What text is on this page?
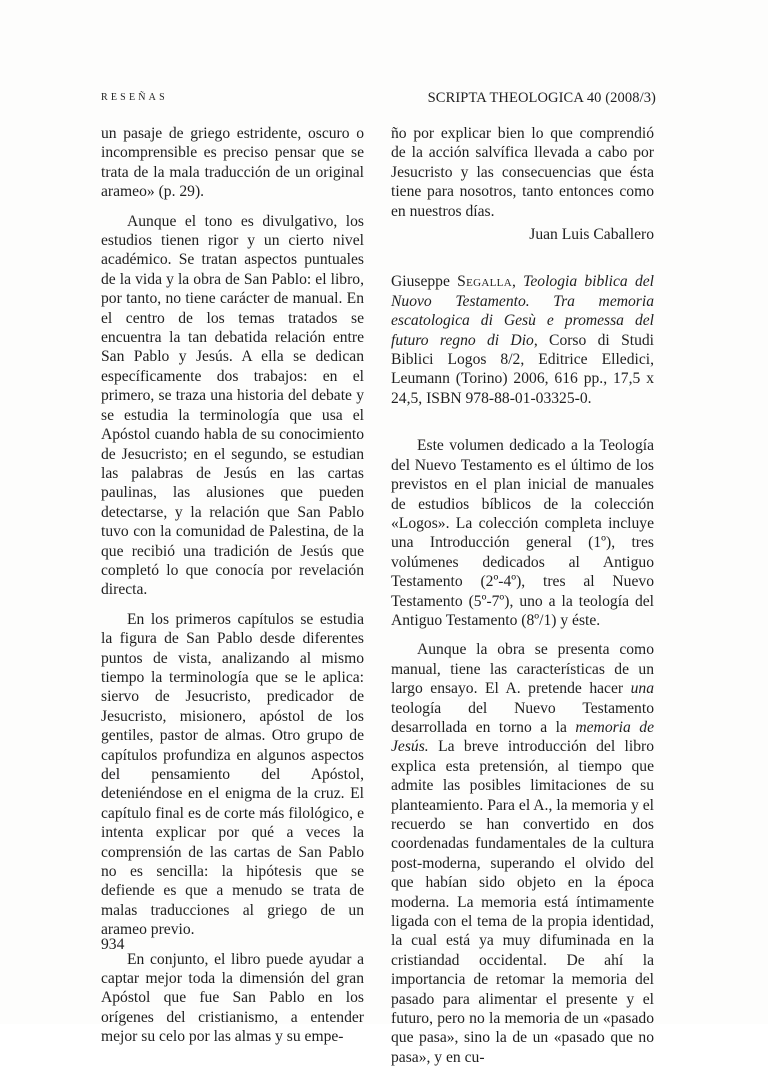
RESEÑAS	SCRIPTA THEOLOGICA 40 (2008/3)

un pasaje de griego estridente, oscuro o incomprensible es preciso pensar que se trata de la mala traducción de un original arameo» (p. 29).

Aunque el tono es divulgativo, los estudios tienen rigor y un cierto nivel académico. Se tratan aspectos puntuales de la vida y la obra de San Pablo: el libro, por tanto, no tiene carácter de manual. En el centro de los temas tratados se encuentra la tan debatida relación entre San Pablo y Jesús. A ella se dedican específicamente dos trabajos: en el primero, se traza una historia del debate y se estudia la terminología que usa el Apóstol cuando habla de su conocimiento de Jesucristo; en el segundo, se estudian las palabras de Jesús en las cartas paulinas, las alusiones que pueden detectarse, y la relación que San Pablo tuvo con la comunidad de Palestina, de la que recibió una tradición de Jesús que completó lo que conocía por revelación directa.

En los primeros capítulos se estudia la figura de San Pablo desde diferentes puntos de vista, analizando al mismo tiempo la terminología que se le aplica: siervo de Jesucristo, predicador de Jesucristo, misionero, apóstol de los gentiles, pastor de almas. Otro grupo de capítulos profundiza en algunos aspectos del pensamiento del Apóstol, deteniéndose en el enigma de la cruz. El capítulo final es de corte más filológico, e intenta explicar por qué a veces la comprensión de las cartas de San Pablo no es sencilla: la hipótesis que se defiende es que a menudo se trata de malas traducciones al griego de un arameo previo.

En conjunto, el libro puede ayudar a captar mejor toda la dimensión del gran Apóstol que fue San Pablo en los orígenes del cristianismo, a entender mejor su celo por las almas y su empe-

ño por explicar bien lo que comprendió de la acción salvífica llevada a cabo por Jesucristo y las consecuencias que ésta tiene para nosotros, tanto entonces como en nuestros días.

Juan Luis Caballero

Giuseppe Segalla, Teologia biblica del Nuovo Testamento. Tra memoria escatologica di Gesù e promessa del futuro regno di Dio, Corso di Studi Biblici Logos 8/2, Editrice Elledici, Leumann (Torino) 2006, 616 pp., 17,5 x 24,5, ISBN 978-88-01-03325-0.

Este volumen dedicado a la Teología del Nuevo Testamento es el último de los previstos en el plan inicial de manuales de estudios bíblicos de la colección «Logos». La colección completa incluye una Introducción general (1º), tres volúmenes dedicados al Antiguo Testamento (2º-4º), tres al Nuevo Testamento (5º-7º), uno a la teología del Antiguo Testamento (8º/1) y éste.

Aunque la obra se presenta como manual, tiene las características de un largo ensayo. El A. pretende hacer una teología del Nuevo Testamento desarrollada en torno a la memoria de Jesús. La breve introducción del libro explica esta pretensión, al tiempo que admite las posibles limitaciones de su planteamiento. Para el A., la memoria y el recuerdo se han convertido en dos coordenadas fundamentales de la cultura post-moderna, superando el olvido del que habían sido objeto en la época moderna. La memoria está íntimamente ligada con el tema de la propia identidad, la cual está ya muy difuminada en la cristiandad occidental. De ahí la importancia de retomar la memoria del pasado para alimentar el presente y el futuro, pero no la memoria de un «pasado que pasa», sino la de un «pasado que no pasa», y en cu-

934
